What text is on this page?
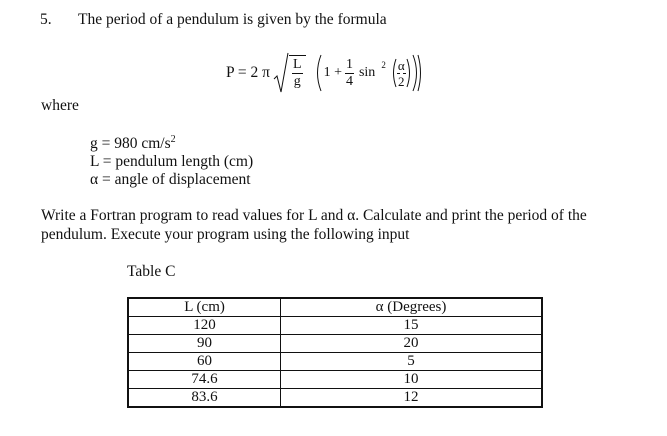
5. The period of a pendulum is given by the formula
P = 2 π $\frac{L}{g} 1 + \frac{1}{4}$ $\sin ^2 \frac{\alpha}{2}$
where
g = 980 $cm/s^2$
L = pendulum length (cm)
α = angle of displacement
Write a Fortran program to read values for L and α. Calculate and print the period of the
pendulum. Execute your program using the following input
Table C
L (cm)	α (Degrees)
120	15
90	20
60	5
74.6	10
83.6	12
